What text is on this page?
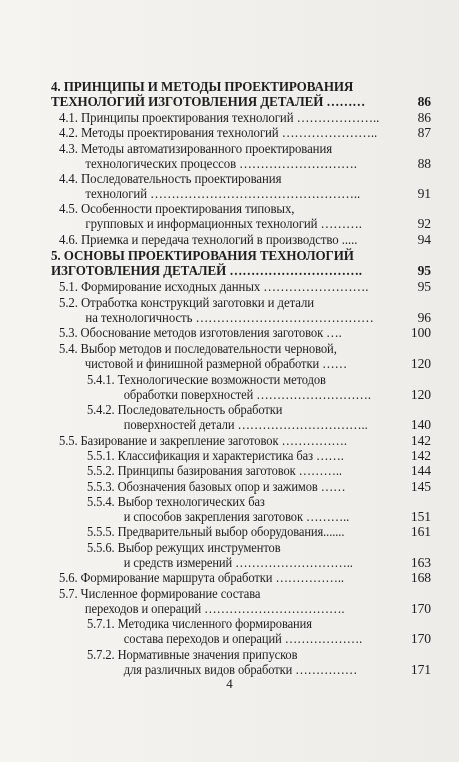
4. ПРИНЦИПЫ И МЕТОДЫ ПРОЕКТИРОВАНИЯ
ТЕХНОЛОГИЙ ИЗГОТОВЛЕНИЯ ДЕТАЛЕЙ ………	86
4.1. Принципы проектирования технологий ………………..	86
4.2. Методы проектирования технологий …………………..	87
4.3. Методы автоматизированного проектирования
технологических процессов ……………………….	88
4.4. Последовательность проектирования
технологий …………………………………………..	91
4.5. Особенности проектирования типовых,
групповых и информационных технологий ……….	92
4.6. Приемка и передача технологий в производство .....	94
5. ОСНОВЫ ПРОЕКТИРОВАНИЯ ТЕХНОЛОГИЙ
ИЗГОТОВЛЕНИЯ ДЕТАЛЕЙ ………………………….	95
5.1. Формирование исходных данных …………………….	95
5.2. Отработка конструкций заготовки и детали
на технологичность ……………………………………	96
5.3. Обоснование методов изготовления заготовок ….	100
5.4. Выбор методов и последовательности черновой,
чистовой и финишной размерной обработки ……	120
5.4.1. Технологические возможности методов
обработки поверхностей ……………………….	120
5.4.2. Последовательность обработки
поверхностей детали …………………………..	140
5.5. Базирование и закрепление заготовок …………….	142
5.5.1. Классификация и характеристика баз …….	142
5.5.2. Принципы базирования заготовок ………..	144
5.5.3. Обозначения базовых опор и зажимов ……	145
5.5.4. Выбор технологических баз
и способов закрепления заготовок ………..	151
5.5.5. Предварительный выбор оборудования.......	161
5.5.6. Выбор режущих инструментов
и средств измерений ………………………..	163
5.6. Формирование маршрута обработки ……………..	168
5.7. Численное формирование состава
переходов и операций …………………………….	170
5.7.1. Методика численного формирования
состава переходов и операций ……………….	170
5.7.2. Нормативные значения припусков
для различных видов обработки ……………	171
4
